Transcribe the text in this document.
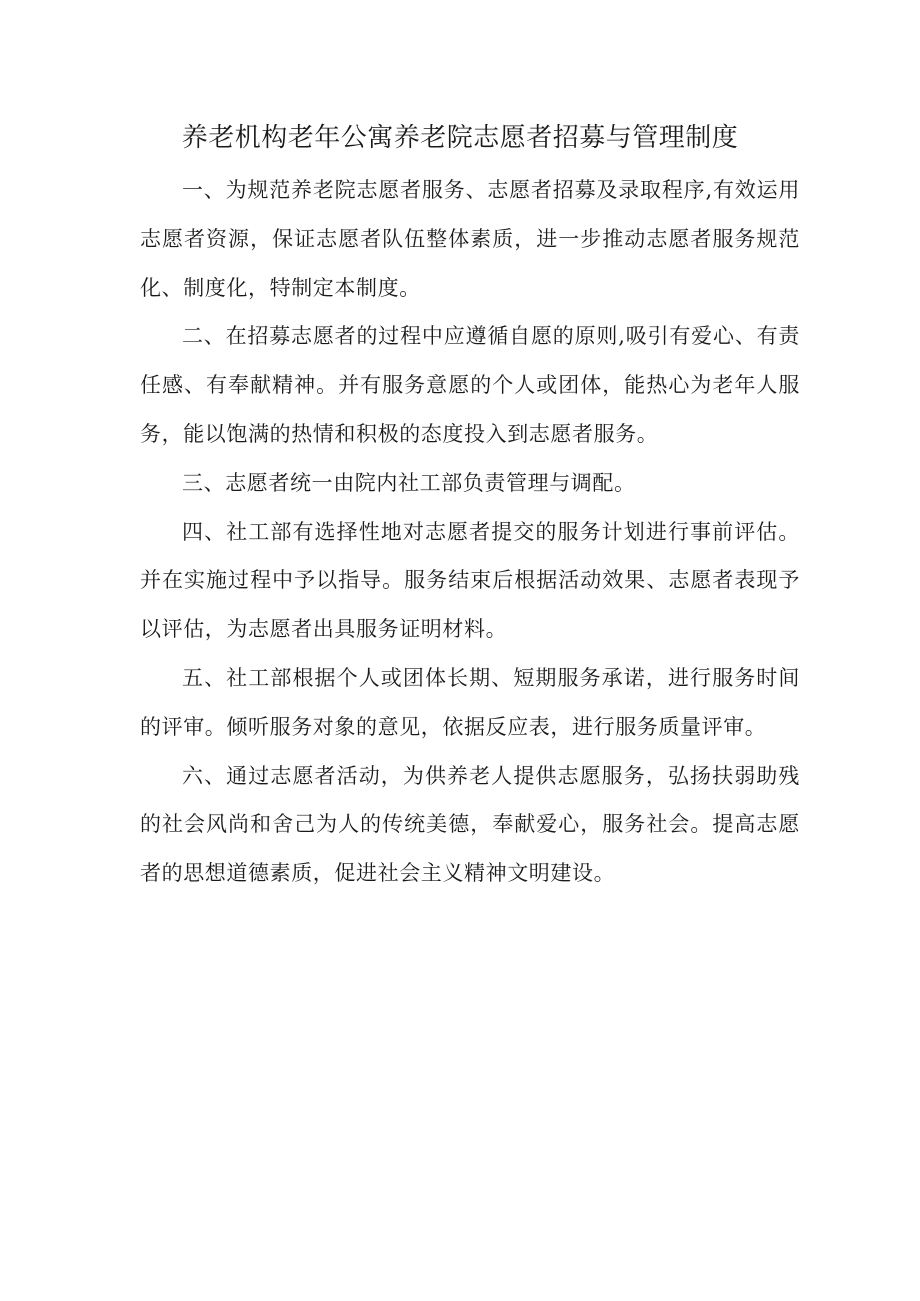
养老机构老年公寓养老院志愿者招募与管理制度

一、为规范养老院志愿者服务、志愿者招募及录取程序,有效运用志愿者资源，保证志愿者队伍整体素质，进一步推动志愿者服务规范化、制度化，特制定本制度。

二、在招募志愿者的过程中应遵循自愿的原则,吸引有爱心、有责任感、有奉献精神。并有服务意愿的个人或团体，能热心为老年人服务，能以饱满的热情和积极的态度投入到志愿者服务。

三、志愿者统一由院内社工部负责管理与调配。

四、社工部有选择性地对志愿者提交的服务计划进行事前评估。并在实施过程中予以指导。服务结束后根据活动效果、志愿者表现予以评估，为志愿者出具服务证明材料。

五、社工部根据个人或团体长期、短期服务承诺，进行服务时间的评审。倾听服务对象的意见，依据反应表，进行服务质量评审。

六、通过志愿者活动，为供养老人提供志愿服务，弘扬扶弱助残的社会风尚和舍己为人的传统美德，奉献爱心，服务社会。提高志愿者的思想道德素质，促进社会主义精神文明建设。
